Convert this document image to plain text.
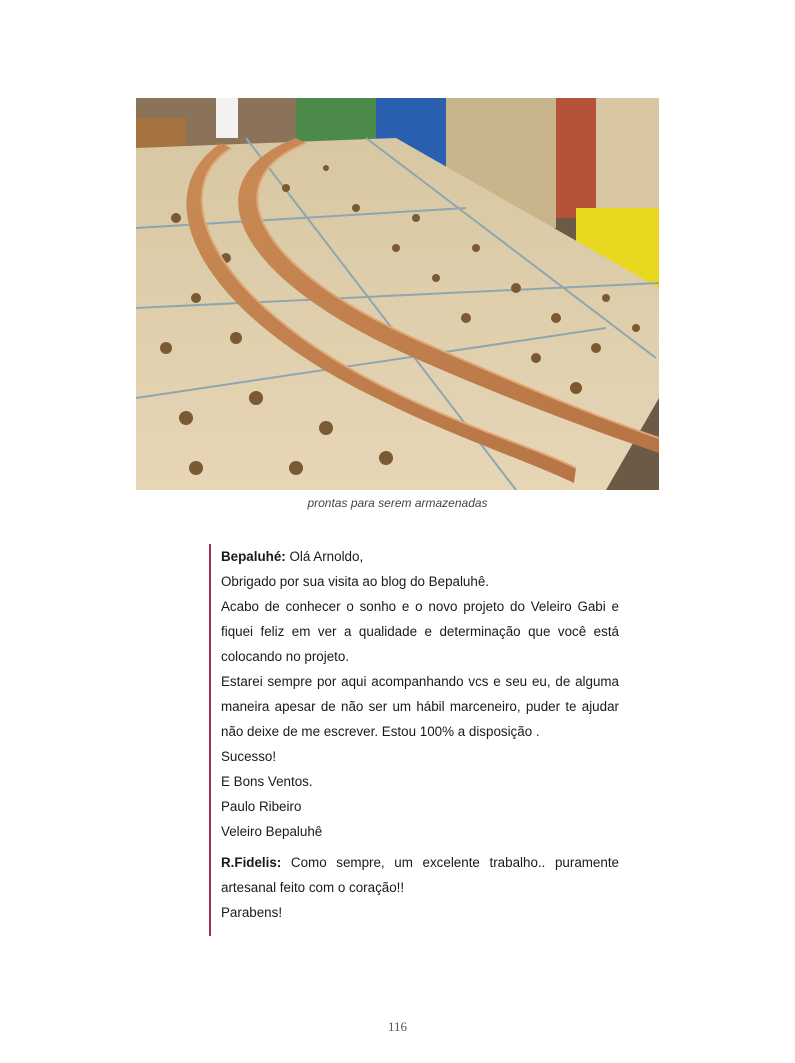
prontas para serem armazenadas
Bepaluhé: Olá Arnoldo,
Obrigado por sua visita ao blog do Bepaluhê.
Acabo de conhecer o sonho e o novo projeto do Veleiro Gabi e fiquei feliz em ver a qualidade e determinação que você está colocando no projeto.
Estarei sempre por aqui acompanhando vcs e seu eu, de alguma maneira apesar de não ser um hábil marceneiro, puder te ajudar não deixe de me escrever. Estou 100% a disposição .
Sucesso!
E Bons Ventos.
Paulo Ribeiro
Veleiro Bepaluhê
R.Fidelis: Como sempre, um excelente trabalho.. puramente artesanal feito com o coração!!
Parabens!
116
